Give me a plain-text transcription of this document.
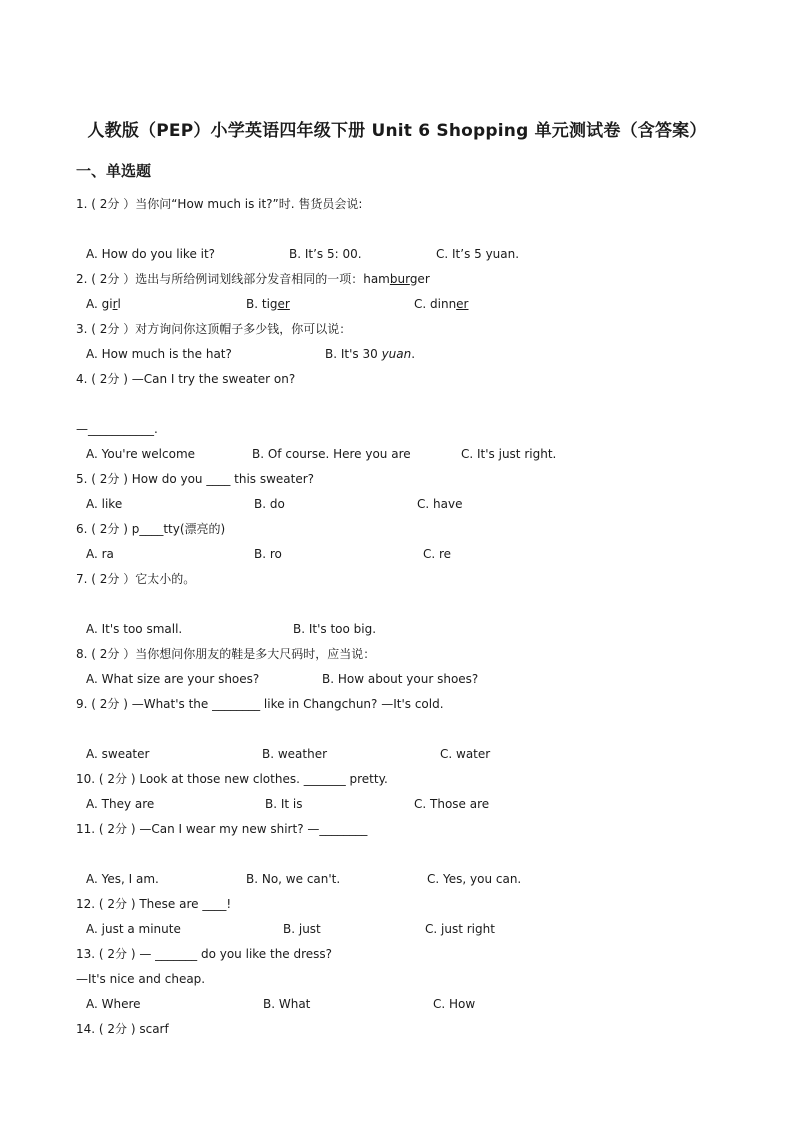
人教版（PEP）小学英语四年级下册 Unit 6 Shopping 单元测试卷（含答案）
一、单选题
1. ( 2分 ）当你问“How much is it?”时. 售货员会说:
A. How do you like it?	B. It’s 5: 00.	C. It’s 5 yuan.
2. ( 2分 ）选出与所给例词划线部分发音相同的一项：hamburger
A. girl	B. tiger	C. dinner
3. ( 2分 ）对方询问你这顶帽子多少钱，你可以说：
A. How much is the hat?	B. It's 30 yuan.
4. ( 2分 ) —Can I try the sweater on?
—___________.
A. You're welcome	B. Of course. Here you are	C. It's just right.
5. ( 2分 ) How do you ____ this sweater?
A. like	B. do	C. have
6. ( 2分 ) p____tty(漂亮的)
A. ra	B. ro	C. re
7. ( 2分 ）它太小的。
A. It's too small.	B. It's too big.
8. ( 2分 ）当你想问你朋友的鞋是多大尺码时，应当说：
A. What size are your shoes?	B. How about your shoes?
9. ( 2分 ) —What's the ________ like in Changchun? —It's cold.
A. sweater	B. weather	C. water
10. ( 2分 ) Look at those new clothes. _______ pretty.
A. They are	B. It is	C. Those are
11. ( 2分 ) —Can I wear my new shirt? —________
A. Yes, I am.	B. No, we can't.	C. Yes, you can.
12. ( 2分 ) These are ____!
A. just a minute	B. just	C. just right
13. ( 2分 ) — _______ do you like the dress?
—It's nice and cheap.
A. Where	B. What	C. How
14. ( 2分 ) scarf
